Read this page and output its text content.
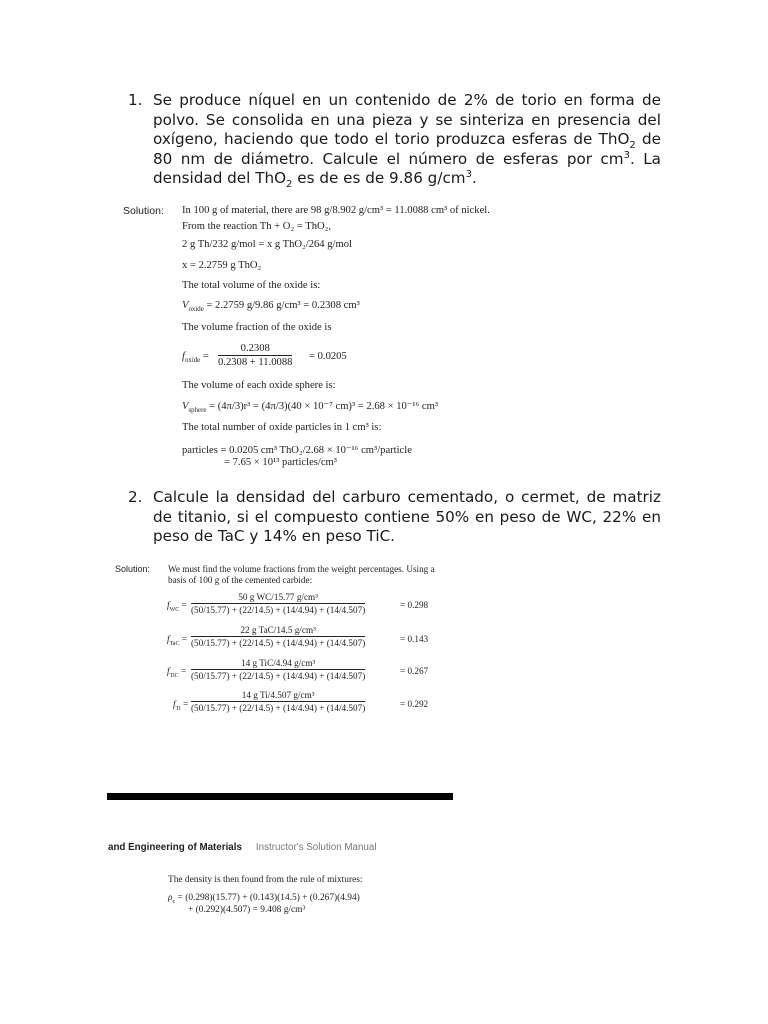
1. Se produce níquel en un contenido de 2% de torio en forma de polvo. Se consolida en una pieza y se sinteriza en presencia del oxígeno, haciendo que todo el torio produzca esferas de ThO$_2$ de 80 nm de diámetro. Calcule el número de esferas por $cm^3$. La densidad del ThO$_2$ es de es de 9.86 $g/cm^3$.
Solution: In 100 g of material, there are 98 g/8.902 g/cm³ = 11.0088 cm³ of nickel.
From the reaction Th + O₂ = ThO₂,
2 g Th/232 g/mol = x g ThO₂/264 g/mol
x = 2.2759 g ThO₂
The total volume of the oxide is:
$V_{oxide} = 2.2759$ g/9.86 g/cm³ = 0.2308 cm³
The volume fraction of the oxide is
$f_{oxide} = \frac{0.2308}{0.2308 + 11.0088} = 0.0205$
The volume of each oxide sphere is:
$V_{sphere} = (4\pi/3)r^3 = (4\pi/3)(40 \times 10^{-7}$ cm)³ = 2.68 × 10⁻¹⁶ cm³
The total number of oxide particles in 1 cm³ is:
particles = 0.0205 cm³ ThO₂/2.68 × 10⁻¹⁶ cm³/particle
= 7.65 × 10¹³ particles/cm³
2. Calcule la densidad del carburo cementado, o cermet, de matriz de titanio, si el compuesto contiene 50% en peso de WC, 22% en peso de TaC y 14% en peso TiC.
Solution: We must find the volume fractions from the weight percentages. Using a
basis of 100 g of the cemented carbide:
$f_{WC} = \frac{\text{50 g WC/15.77 g/cm³}}{(50/15.77) + (22/14.5) + (14/4.94) + (14/4.507)}$	= 0.298
$f_{TaC}$ =
22 g TaC/14.5 g/cm³
(50/15.77) + (22/14.5) + (14/4.94) + (14/4.507)	= 0.143
$f_{TiC}$ =
14 g TiC/4.94 g/cm³
(50/15.77) + (22/14.5) + (14/4.94) + (14/4.507)	= 0.267
$f_{Ti} = \frac{\text{14 g Ti/4.507 g/cm³}}{(50/15.77) + (22/14.5) + (14/4.94) + (14/4.507)}$	= 0.292
and Engineering of Materials Instructor's Solution Manual
The density is then found from the rule of mixtures:
$\rho_c = (0.298)(15.77) + (0.143)(14.5) + (0.267)(4.94)$
+ (0.292)(4.507) = 9.408 g/cm³
